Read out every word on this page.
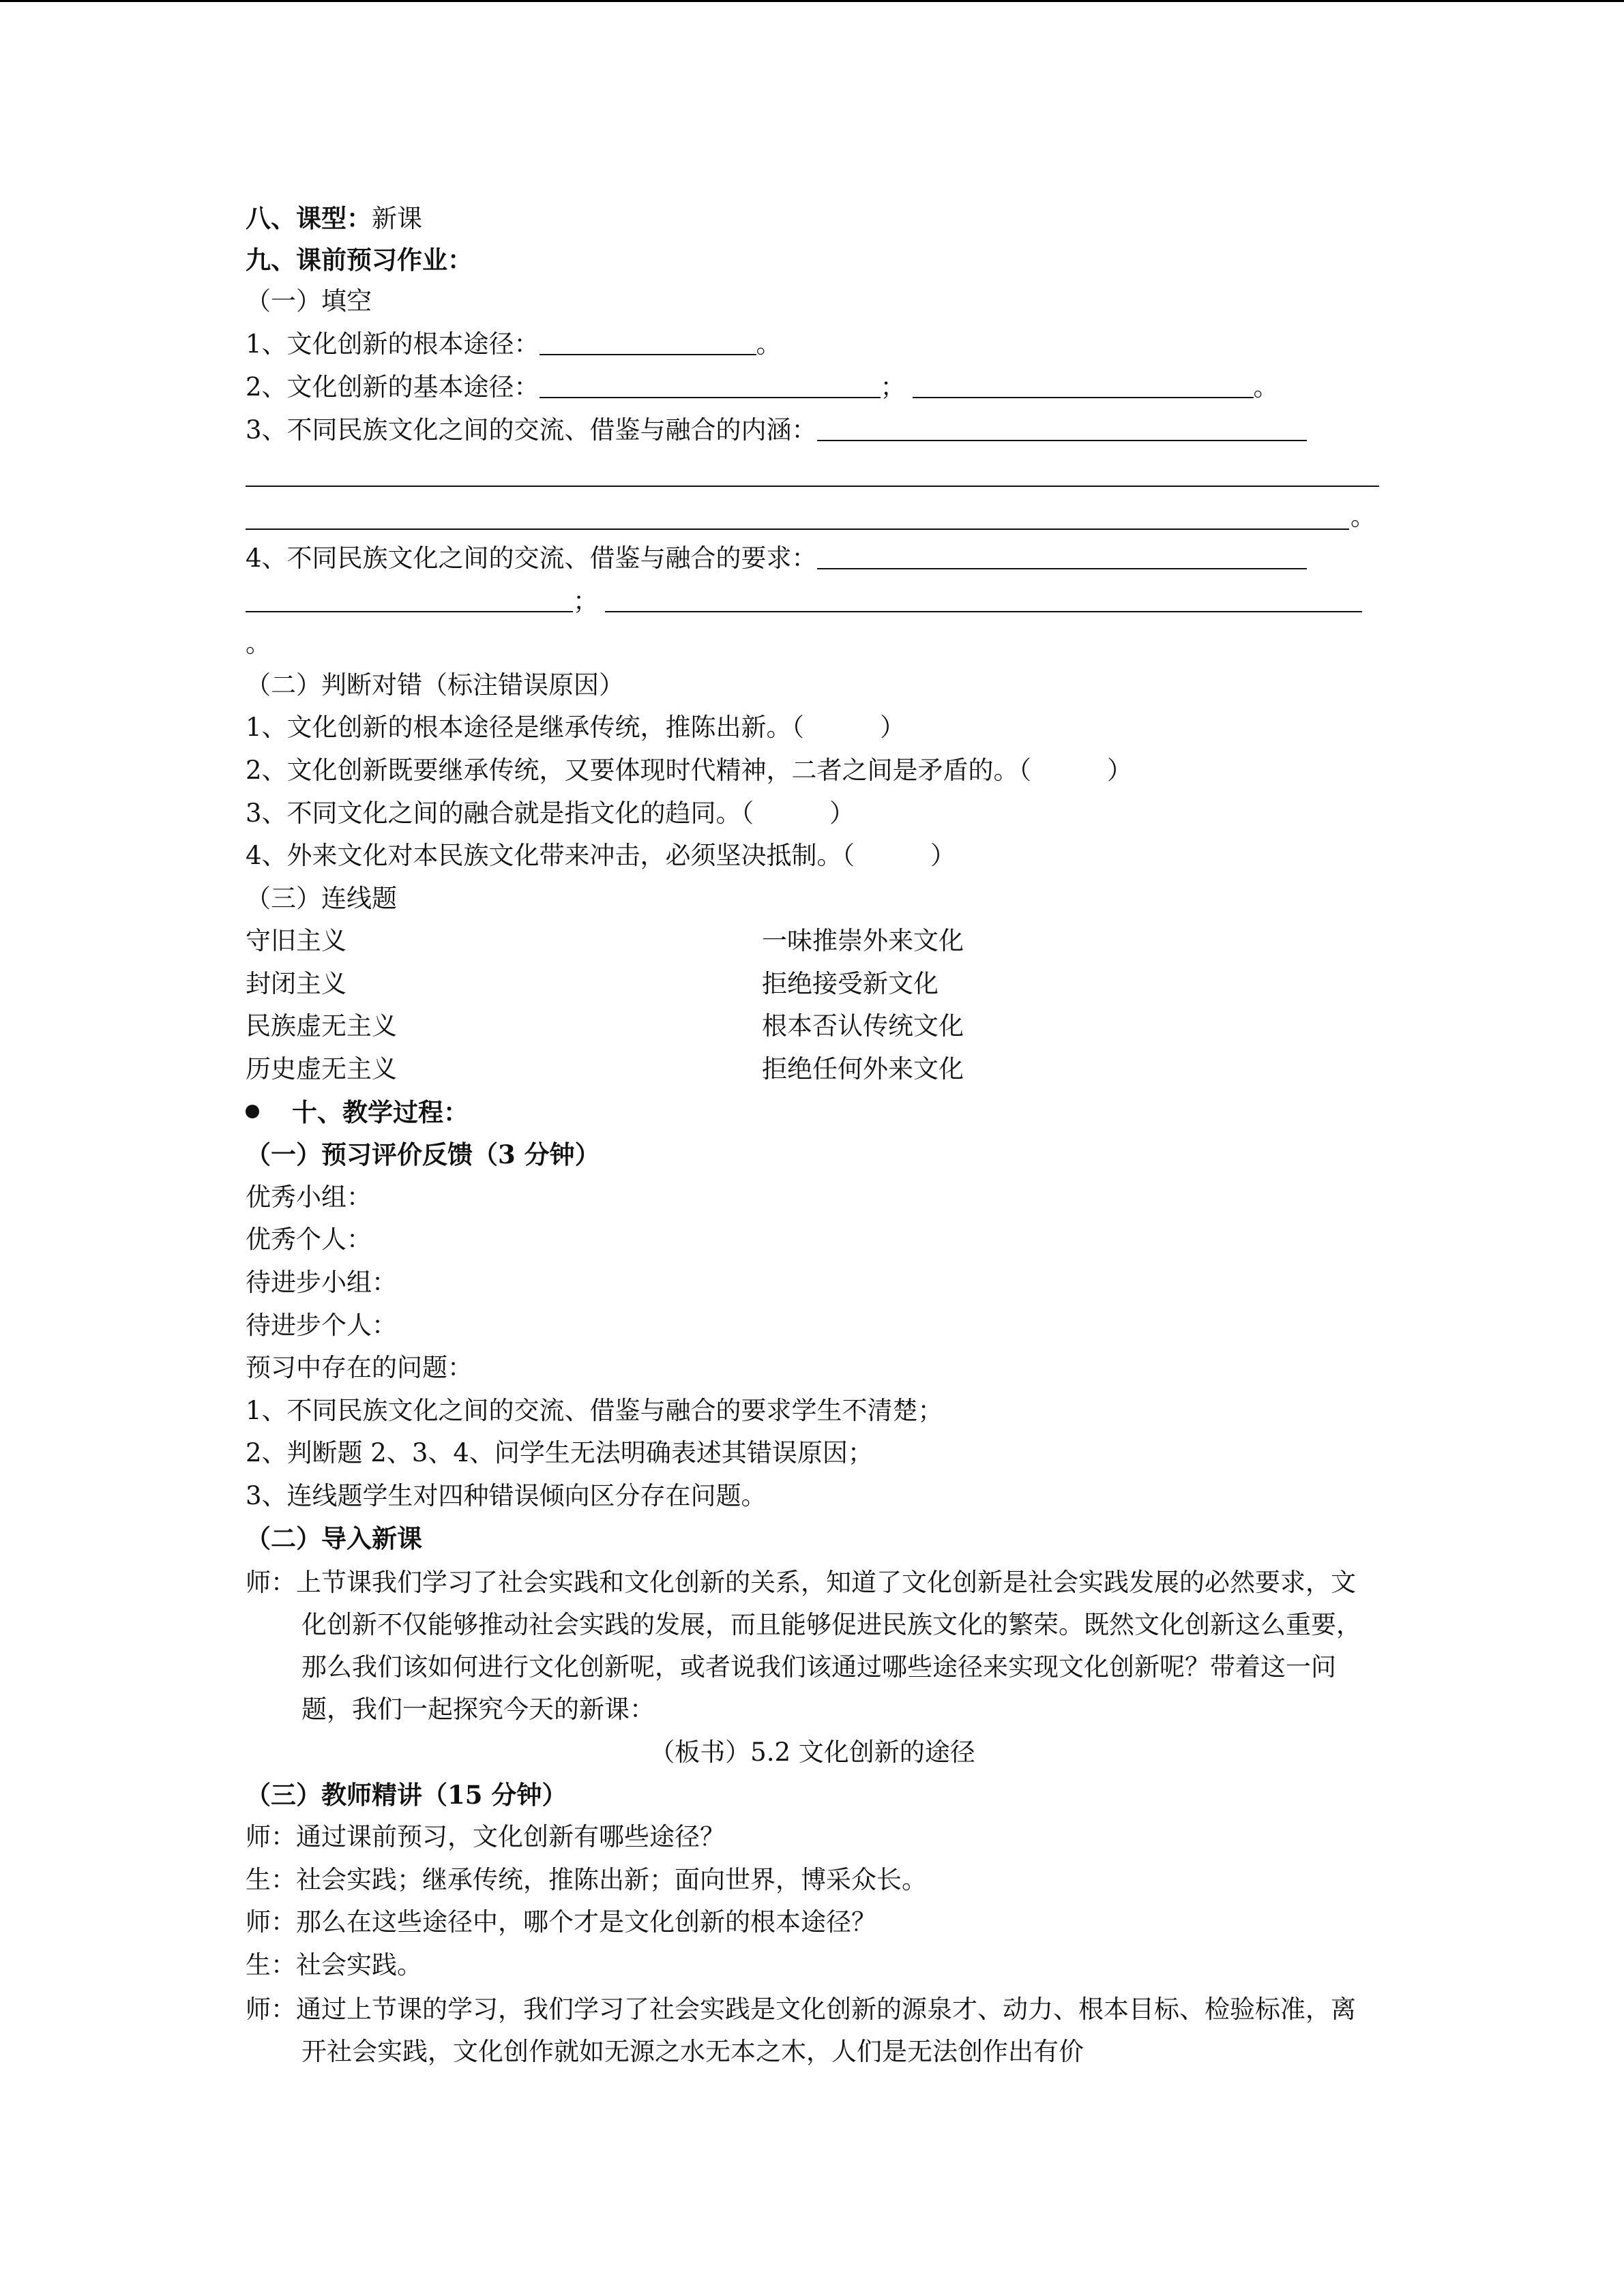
八、课型：新课
九、课前预习作业：
（一）填空
1、文化创新的根本途径：	。
2、文化创新的基本途径：	；	。
3、不同民族文化之间的交流、借鉴与融合的内涵：
。
4、不同民族文化之间的交流、借鉴与融合的要求：
；
。
（二）判断对错（标注错误原因）
1、文化创新的根本途径是继承传统，推陈出新。（　　　）
2、文化创新既要继承传统，又要体现时代精神，二者之间是矛盾的。（　　　）
3、不同文化之间的融合就是指文化的趋同。（　　　）
4、外来文化对本民族文化带来冲击，必须坚决抵制。（　　　）
（三）连线题
守旧主义	一味推崇外来文化
封闭主义	拒绝接受新文化
民族虚无主义	根本否认传统文化
历史虚无主义	拒绝任何外来文化
十、教学过程：
（一）预习评价反馈（3 分钟）
优秀小组：
优秀个人：
待进步小组：
待进步个人：
预习中存在的问题：
1、不同民族文化之间的交流、借鉴与融合的要求学生不清楚；
2、判断题 2、3、4、问学生无法明确表述其错误原因；
3、连线题学生对四种错误倾向区分存在问题。
（二）导入新课
师：上节课我们学习了社会实践和文化创新的关系，知道了文化创新是社会实践发展的必然要求，文化创新不仅能够推动社会实践的发展，而且能够促进民族文化的繁荣。既然文化创新这么重要，那么我们该如何进行文化创新呢，或者说我们该通过哪些途径来实现文化创新呢？带着这一问题，我们一起探究今天的新课：
（板书）5.2 文化创新的途径
（三）教师精讲（15 分钟）
师：通过课前预习，文化创新有哪些途径？
生：社会实践；继承传统，推陈出新；面向世界，博采众长。
师：那么在这些途径中，哪个才是文化创新的根本途径？
生：社会实践。
师：通过上节课的学习，我们学习了社会实践是文化创新的源泉才、动力、根本目标、检验标准，离开社会实践，文化创作就如无源之水无本之木，人们是无法创作出有价
